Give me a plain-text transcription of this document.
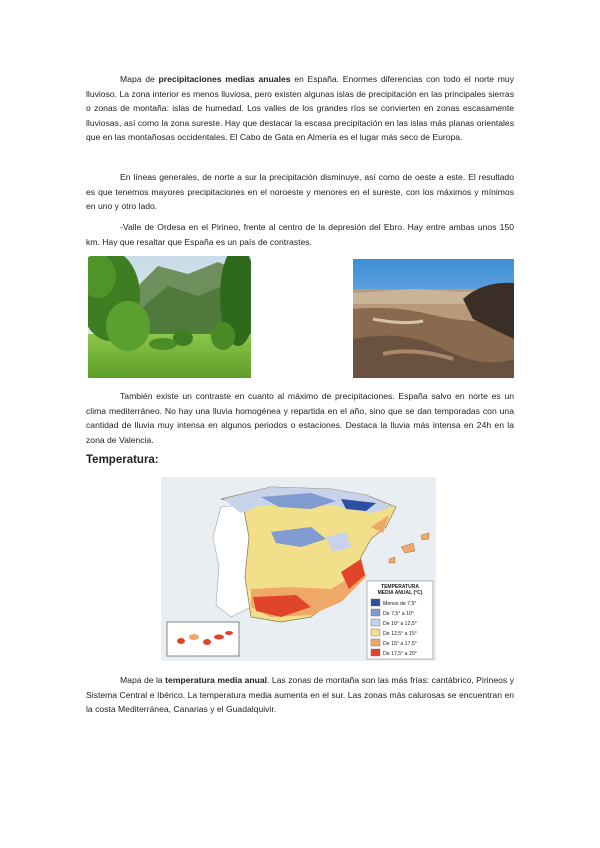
Mapa de precipitaciones medias anuales en España. Enormes diferencias con todo el norte muy lluvioso. La zona interior es menos lluviosa, pero existen algunas islas de precipitación en las principales sierras o zonas de montaña: islas de humedad. Los valles de los grandes ríos se convierten en zonas escasamente lluviosas, así como la zona sureste. Hay que destacar la escasa precipitación en las islas más planas orientales que en las montañosas occidentales. El Cabo de Gata en Almería es el lugar más seco de Europa.

En líneas generales, de norte a sur la precipitación disminuye, así como de oeste a este. El resultado es que tenemos mayores precipitaciones en el noroeste y menores en el sureste, con los máximos y mínimos en uno y otro lado.

-Valle de Ordesa en el Pirineo, frente al centro de la depresión del Ebro. Hay entre ambas unos 150 km. Hay que resaltar que España es un país de contrastes.

También existe un contraste en cuanto al máximo de precipitaciones. España salvo en norte es un clima mediterráneo. No hay una lluvia homogénea y repartida en el año, sino que se dan temporadas con una cantidad de lluvia muy intensa en algunos periodos o estaciones. Destaca la lluvia más intensa en 24h en la zona de Valencia.

Temperatura:
TEMPERATURA
MEDIA ANUAL (°C)
Menos de 7,5°
De 7,5° a 10°
De 10° a 12,5°
De 12,5° a 15°
De 15° a 17,5°
De 17,5° a 20°

Mapa de la temperatura media anual. Las zonas de montaña son las más frías: cantábrico, Pirineos y Sistema Central e Ibérico. La temperatura media aumenta en el sur. Las zonas más calurosas se encuentran en la costa Mediterránea, Canarias y el Guadalquivir.
